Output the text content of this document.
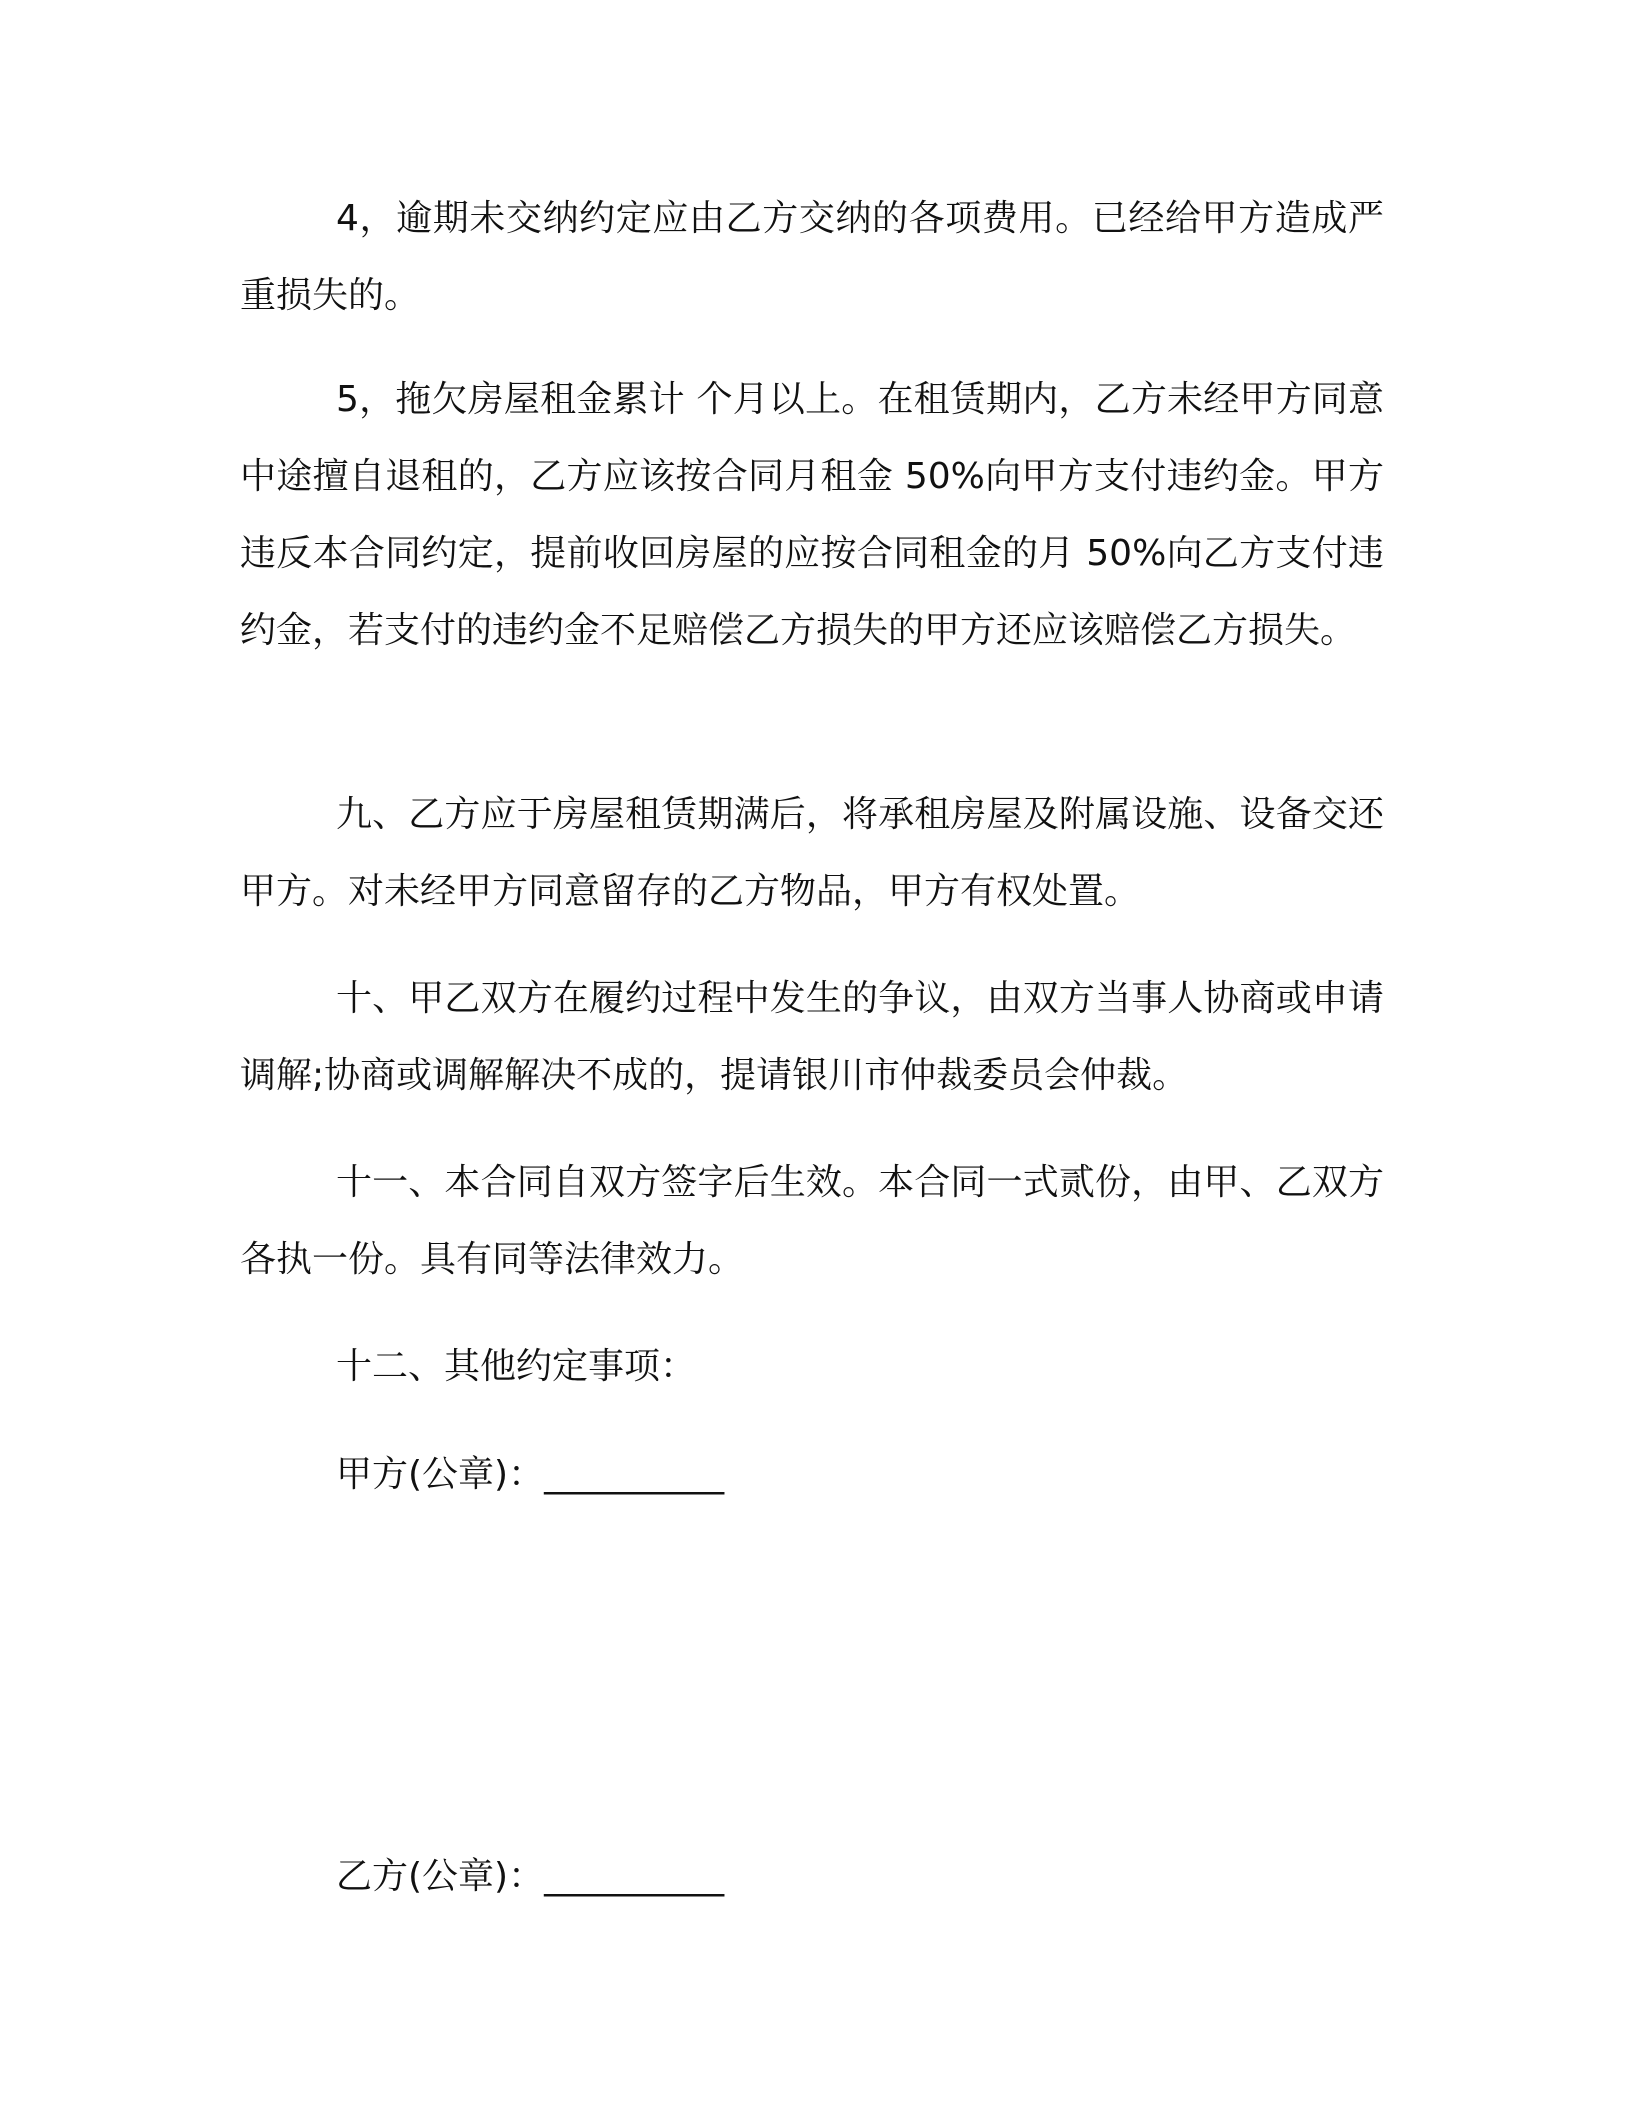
4，逾期未交纳约定应由乙方交纳的各项费用。已经给甲方造成严重损失的。

5，拖欠房屋租金累计 个月以上。在租赁期内，乙方未经甲方同意中途擅自退租的，乙方应该按合同月租金 50%向甲方支付违约金。甲方违反本合同约定，提前收回房屋的应按合同租金的月 50%向乙方支付违约金，若支付的违约金不足赔偿乙方损失的甲方还应该赔偿乙方损失。

九、乙方应于房屋租赁期满后，将承租房屋及附属设施、设备交还甲方。对未经甲方同意留存的乙方物品，甲方有权处置。

十、甲乙双方在履约过程中发生的争议，由双方当事人协商或申请调解;协商或调解解决不成的，提请银川市仲裁委员会仲裁。

十一、本合同自双方签字后生效。本合同一式贰份，由甲、乙双方各执一份。具有同等法律效力。

十二、其他约定事项：

甲方(公章)：__________

乙方(公章)：__________
